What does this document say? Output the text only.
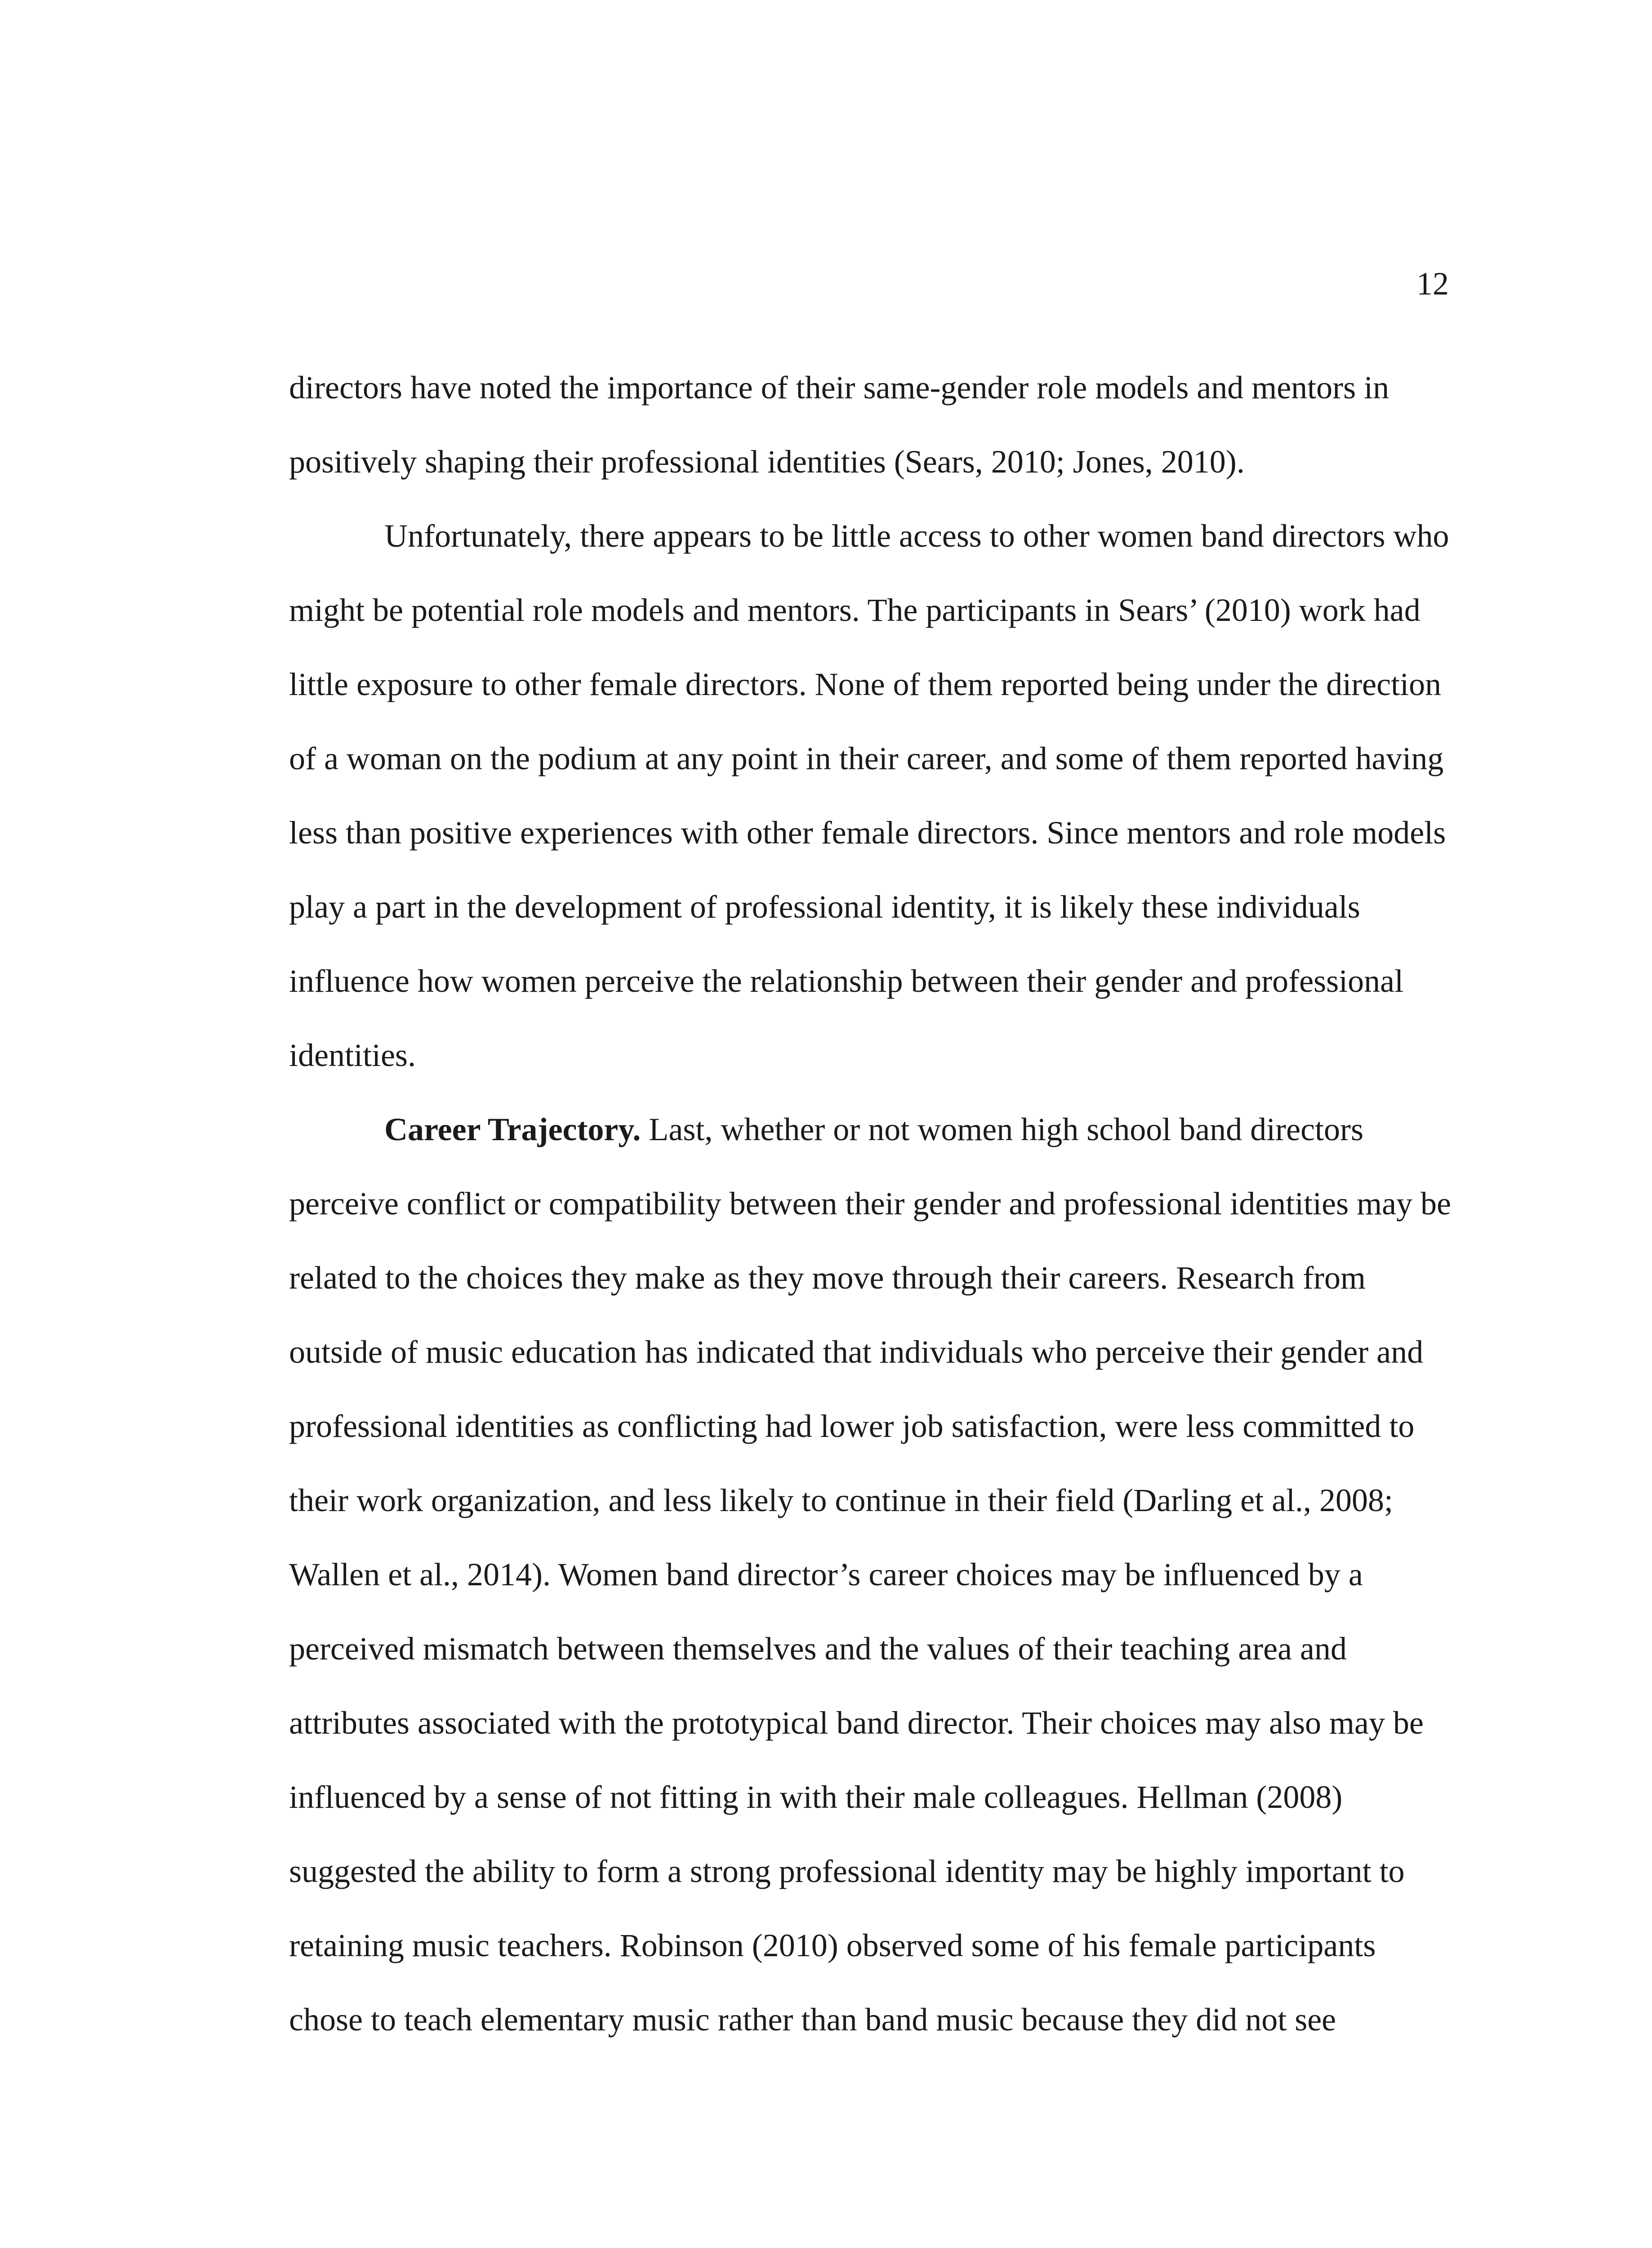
12
directors have noted the importance of their same-gender role models and mentors in
positively shaping their professional identities (Sears, 2010; Jones, 2010).
Unfortunately, there appears to be little access to other women band directors who
might be potential role models and mentors. The participants in Sears’ (2010) work had
little exposure to other female directors. None of them reported being under the direction
of a woman on the podium at any point in their career, and some of them reported having
less than positive experiences with other female directors. Since mentors and role models
play a part in the development of professional identity, it is likely these individuals
influence how women perceive the relationship between their gender and professional
identities.
Career Trajectory. Last, whether or not women high school band directors
perceive conflict or compatibility between their gender and professional identities may be
related to the choices they make as they move through their careers. Research from
outside of music education has indicated that individuals who perceive their gender and
professional identities as conflicting had lower job satisfaction, were less committed to
their work organization, and less likely to continue in their field (Darling et al., 2008;
Wallen et al., 2014). Women band director’s career choices may be influenced by a
perceived mismatch between themselves and the values of their teaching area and
attributes associated with the prototypical band director. Their choices may also may be
influenced by a sense of not fitting in with their male colleagues. Hellman (2008)
suggested the ability to form a strong professional identity may be highly important to
retaining music teachers. Robinson (2010) observed some of his female participants
chose to teach elementary music rather than band music because they did not see
